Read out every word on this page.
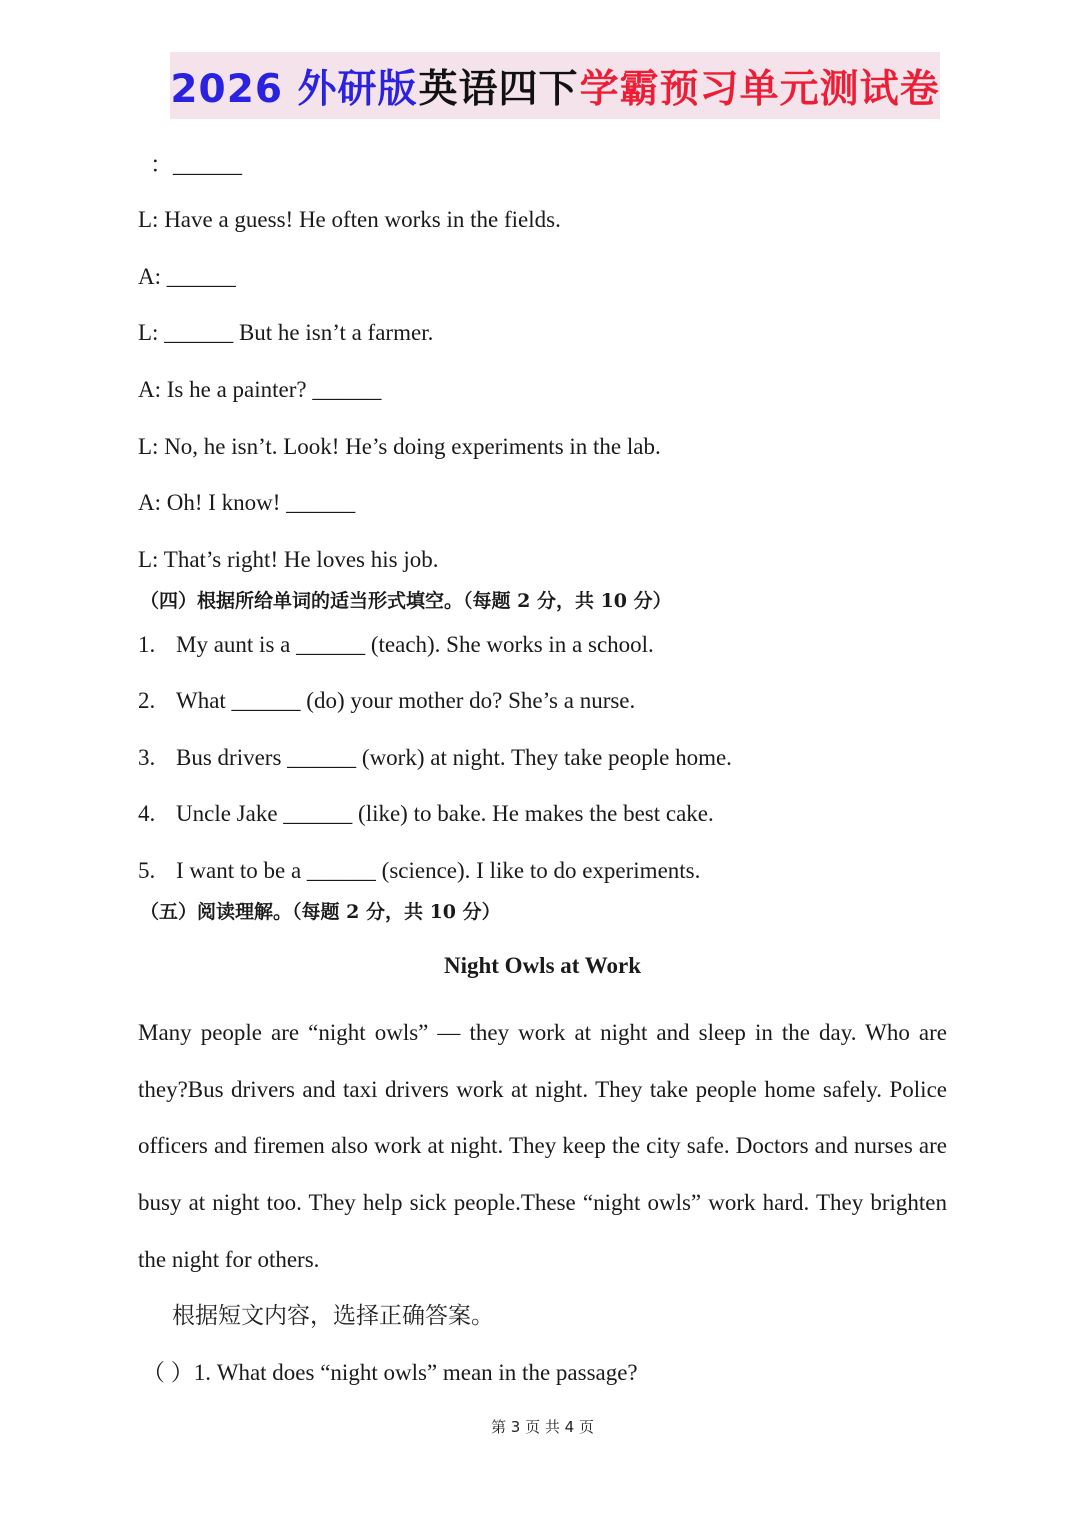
2026 外研版 英语四下 学霸预习单元测试卷
：______
L: Have a guess! He often works in the fields.
A: ______
L: ______ But he isn’t a farmer.
A: Is he a painter? ______
L: No, he isn’t. Look! He’s doing experiments in the lab.
A: Oh! I know! ______
L: That’s right! He loves his job.
（四）根据所给单词的适当形式填空。（每题 2 分，共 10 分）
1. My aunt is a ______ (teach). She works in a school.
2. What ______ (do) your mother do? She’s a nurse.
3. Bus drivers ______ (work) at night. They take people home.
4. Uncle Jake ______ (like) to bake. He makes the best cake.
5. I want to be a ______ (science). I like to do experiments.
（五）阅读理解。（每题 2 分，共 10 分）
Night Owls at Work

Many people are “night owls” — they work at night and sleep in the day. Who are they?Bus drivers and taxi drivers work at night. They take people home safely. Police officers and firemen also work at night. They keep the city safe. Doctors and nurses are busy at night too. They help sick people.These “night owls” work hard. They brighten the night for others.

根据短文内容，选择正确答案。
（ ）1. What does “night owls” mean in the passage?
第 3 页 共 4 页
